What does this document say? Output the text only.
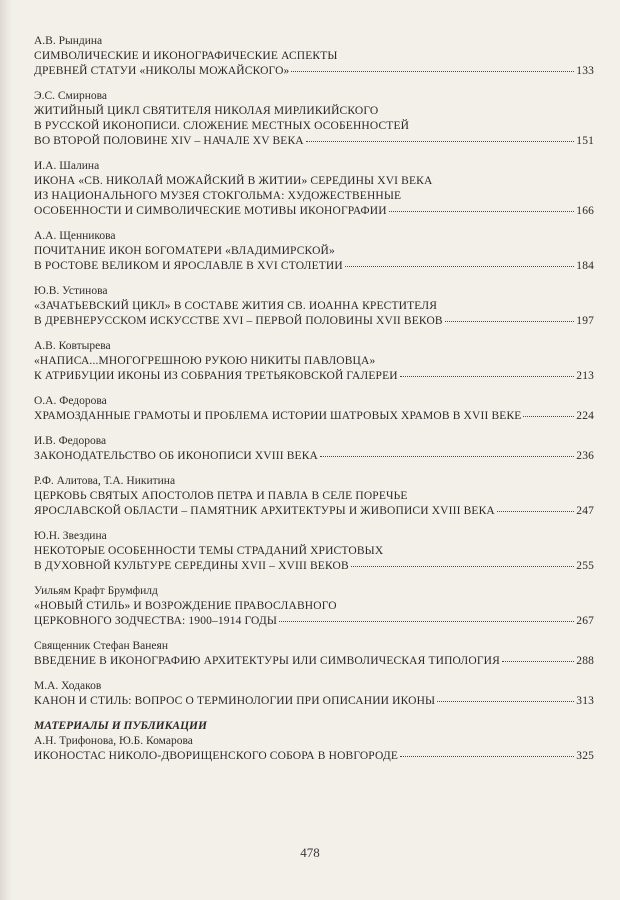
А.В. Рындина
СИМВОЛИЧЕСКИЕ И ИКОНОГРАФИЧЕСКИЕ АСПЕКТЫ
ДРЕВНЕЙ СТАТУИ «НИКОЛЫ МОЖАЙСКОГО»	133
Э.С. Смирнова
ЖИТИЙНЫЙ ЦИКЛ СВЯТИТЕЛЯ НИКОЛАЯ МИРЛИКИЙСКОГО
В РУССКОЙ ИКОНОПИСИ. СЛОЖЕНИЕ МЕСТНЫХ ОСОБЕННОСТЕЙ
ВО ВТОРОЙ ПОЛОВИНЕ XIV – НАЧАЛЕ XV ВЕКА	151
И.А. Шалина
ИКОНА «СВ. НИКОЛАЙ МОЖАЙСКИЙ В ЖИТИИ» СЕРЕДИНЫ XVI ВЕКА
ИЗ НАЦИОНАЛЬНОГО МУЗЕЯ СТОКГОЛЬМА: ХУДОЖЕСТВЕННЫЕ
ОСОБЕННОСТИ И СИМВОЛИЧЕСКИЕ МОТИВЫ ИКОНОГРАФИИ	166
А.А. Щенникова
ПОЧИТАНИЕ ИКОН БОГОМАТЕРИ «ВЛАДИМИРСКОЙ»
В РОСТОВЕ ВЕЛИКОМ И ЯРОСЛАВЛЕ В XVI СТОЛЕТИИ	184
Ю.В. Устинова
«ЗАЧАТЬЕВСКИЙ ЦИКЛ» В СОСТАВЕ ЖИТИЯ СВ. ИОАННА КРЕСТИТЕЛЯ
В ДРЕВНЕРУССКОМ ИСКУССТВЕ XVI – ПЕРВОЙ ПОЛОВИНЫ XVII ВЕКОВ	197
А.В. Ковтырева
«НАПИСА...МНОГОГРЕШНОЮ РУКОЮ НИКИТЫ ПАВЛОВЦА»
К АТРИБУЦИИ ИКОНЫ ИЗ СОБРАНИЯ ТРЕТЬЯКОВСКОЙ ГАЛЕРЕИ	213
О.А. Федорова
ХРАМОЗДАННЫЕ ГРАМОТЫ И ПРОБЛЕМА ИСТОРИИ ШАТРОВЫХ ХРАМОВ В XVII ВЕКЕ	224
И.В. Федорова
ЗАКОНОДАТЕЛЬСТВО ОБ ИКОНОПИСИ XVIII ВЕКА	236
Р.Ф. Алитова, Т.А. Никитина
ЦЕРКОВЬ СВЯТЫХ АПОСТОЛОВ ПЕТРА И ПАВЛА В СЕЛЕ ПОРЕЧЬЕ
ЯРОСЛАВСКОЙ ОБЛАСТИ – ПАМЯТНИК АРХИТЕКТУРЫ И ЖИВОПИСИ XVIII ВЕКА	247
Ю.Н. Звездина
НЕКОТОРЫЕ ОСОБЕННОСТИ ТЕМЫ СТРАДАНИЙ ХРИСТОВЫХ
В ДУХОВНОЙ КУЛЬТУРЕ СЕРЕДИНЫ XVII – XVIII ВЕКОВ	255
Уильям Крафт Брумфилд
«НОВЫЙ СТИЛЬ» И ВОЗРОЖДЕНИЕ ПРАВОСЛАВНОГО
ЦЕРКОВНОГО ЗОДЧЕСТВА: 1900–1914 ГОДЫ	267
Священник Стефан Ванеян
ВВЕДЕНИЕ В ИКОНОГРАФИЮ АРХИТЕКТУРЫ ИЛИ СИМВОЛИЧЕСКАЯ ТИПОЛОГИЯ	288
М.А. Ходаков
КАНОН И СТИЛЬ: ВОПРОС О ТЕРМИНОЛОГИИ ПРИ ОПИСАНИИ ИКОНЫ	313
МАТЕРИАЛЫ И ПУБЛИКАЦИИ
А.Н. Трифонова, Ю.Б. Комарова
ИКОНОСТАС НИКОЛО-ДВОРИЩЕНСКОГО СОБОРА В НОВГОРОДЕ	325
478
